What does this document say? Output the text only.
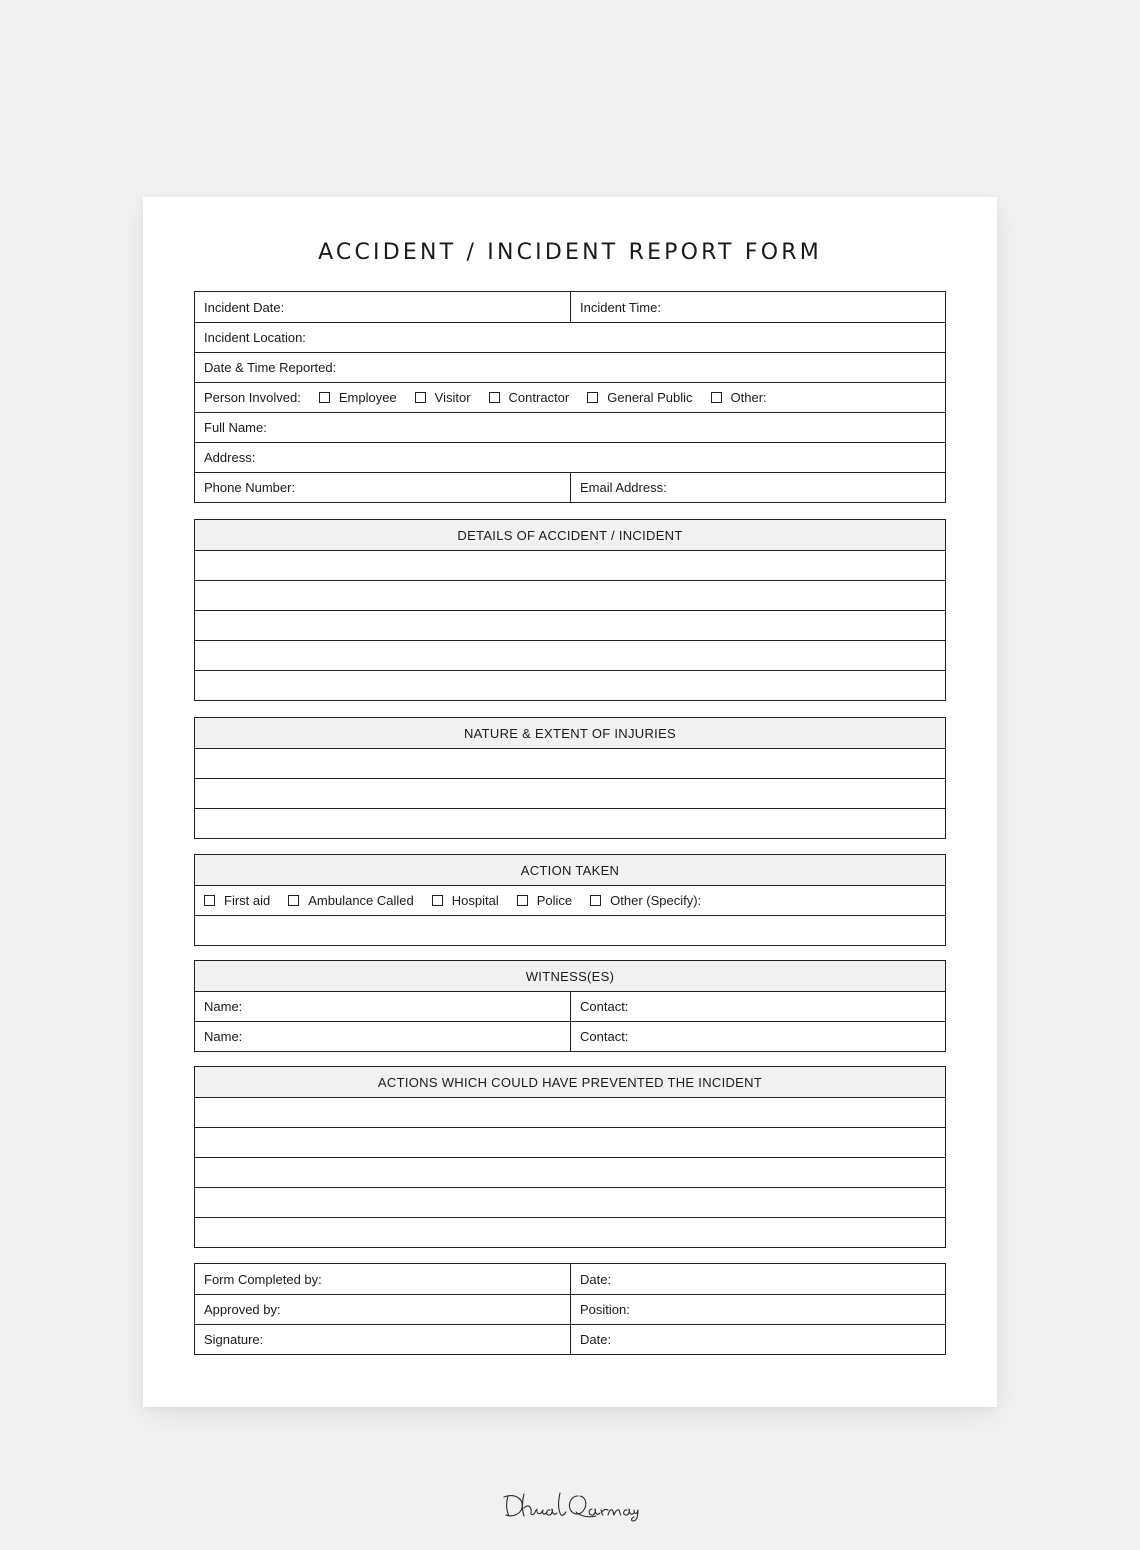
ACCIDENT / INCIDENT REPORT FORM
Incident Date:	Incident Time:
Incident Location:
Date & Time Reported:
Person Involved:	Employee	Visitor	Contractor	General Public	Other:
Full Name:
Address:
Phone Number:	Email Address:
DETAILS OF ACCIDENT / INCIDENT
NATURE & EXTENT OF INJURIES
ACTION TAKEN
First aid	Ambulance Called	Hospital	Police	Other (Specify):
WITNESS(ES)
Name:	Contact:
Name:	Contact:
ACTIONS WHICH COULD HAVE PREVENTED THE INCIDENT
Form Completed by:	Date:
Approved by:	Position:
Signature:	Date:
